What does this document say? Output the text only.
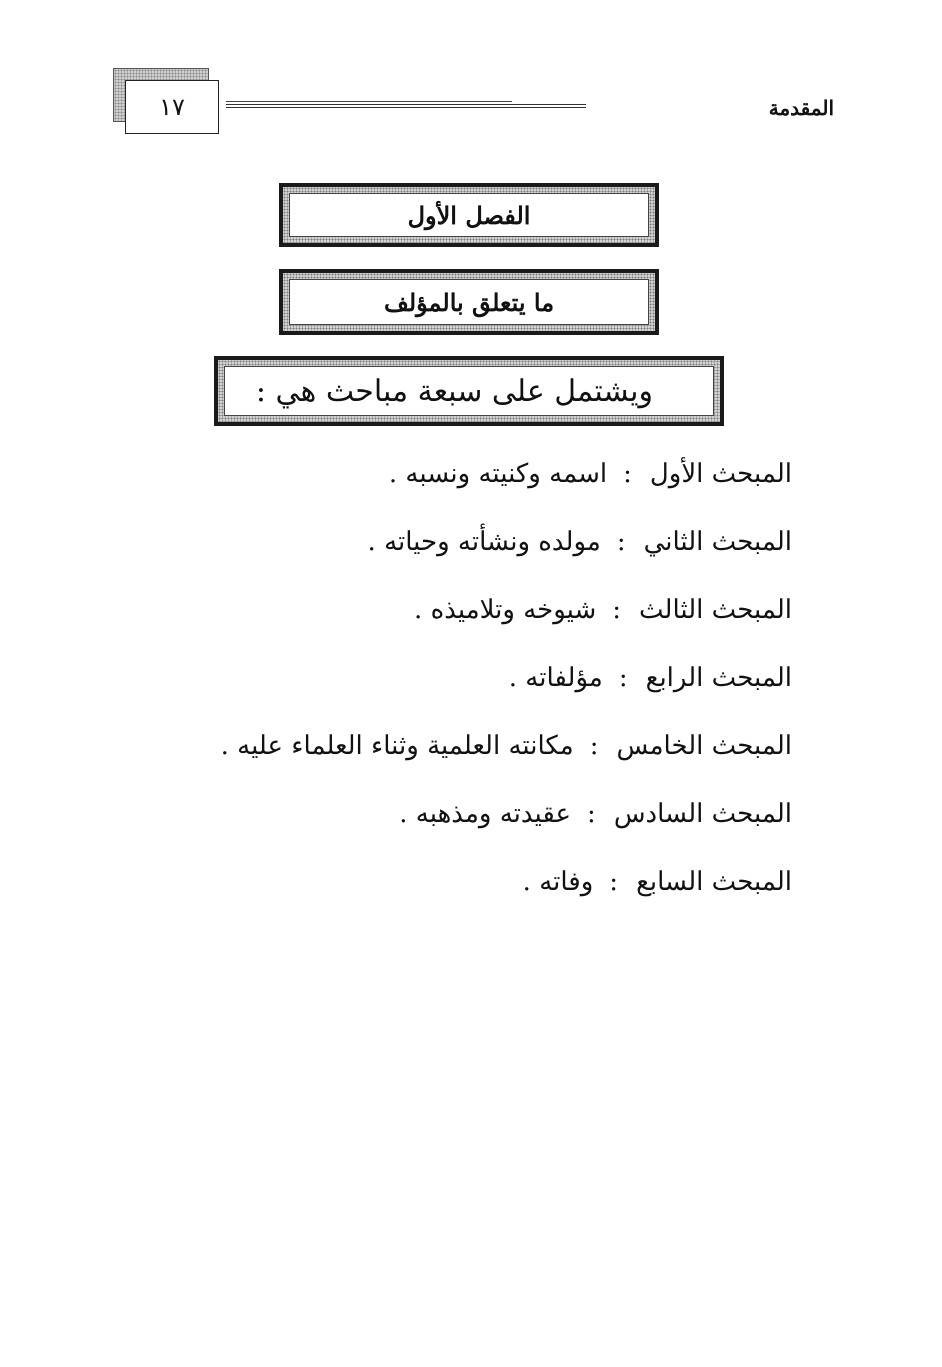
١٧	المقدمة
الفصل الأول
ما يتعلق بالمؤلف
ويشتمل على سبعة مباحث هي :
المبحث الأول:اسمه وكنيته ونسبه .
المبحث الثاني:مولده ونشأته وحياته .
المبحث الثالث:شيوخه وتلاميذه .
المبحث الرابع:مؤلفاته .
المبحث الخامس:مكانته العلمية وثناء العلماء عليه .
المبحث السادس:عقيدته ومذهبه .
المبحث السابع:وفاته .
